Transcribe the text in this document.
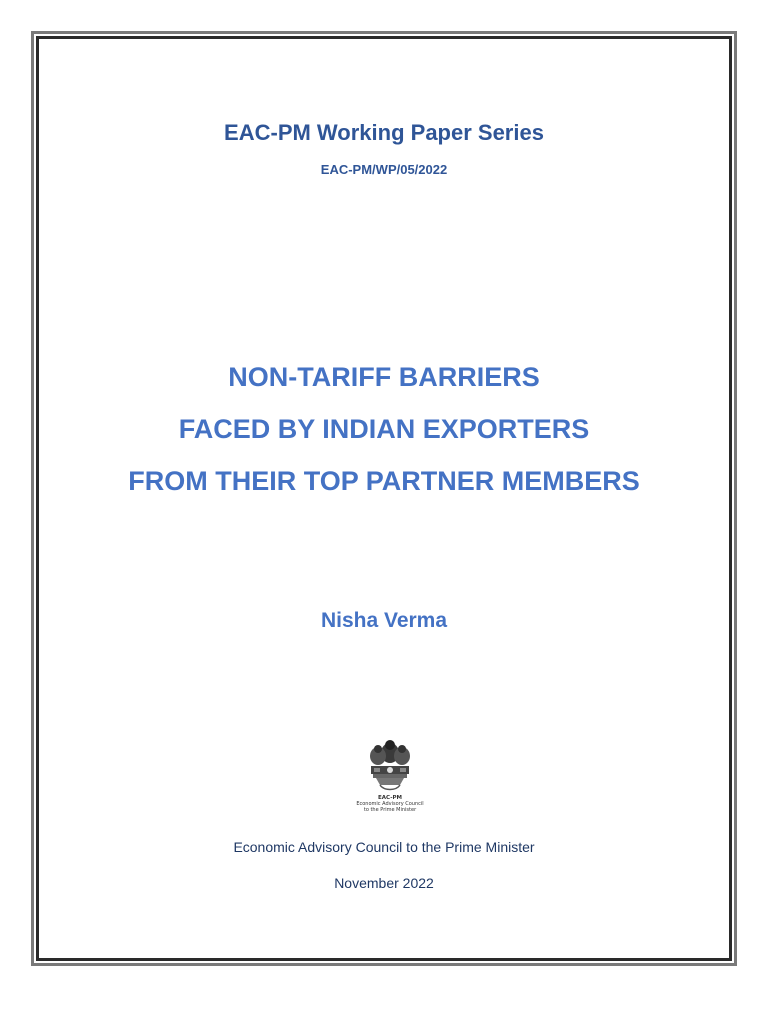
EAC-PM Working Paper Series

EAC-PM/WP/05/2022

NON-TARIFF BARRIERS
FACED BY INDIAN EXPORTERS
FROM THEIR TOP PARTNER MEMBERS

Nisha Verma

EAC-PM
Economic Advisory Council
to the Prime Minister

Economic Advisory Council to the Prime Minister

November 2022
